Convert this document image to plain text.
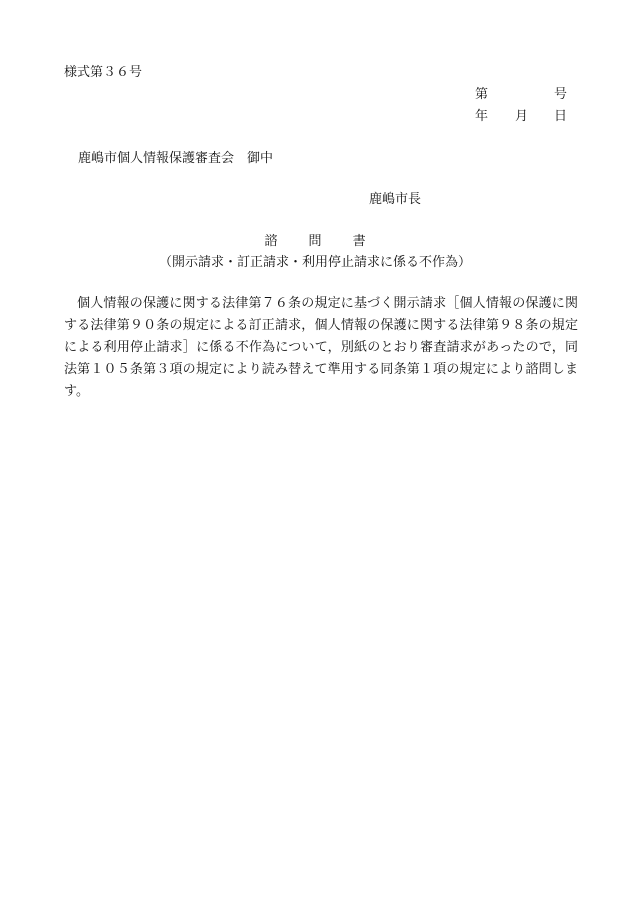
様式第３６号
第	号
年 月 日
鹿嶋市個人情報保護審査会　御中
鹿嶋市長
諮 問 書
（開示請求・訂正請求・利用停止請求に係る不作為）
個人情報の保護に関する法律第７６条の規定に基づく開示請求［個人情報の保護に関する法律第９０条の規定による訂正請求，個人情報の保護に関する法律第９８条の規定による利用停止請求］に係る不作為について，別紙のとおり審査請求があったので，同法第１０５条第３項の規定により読み替えて準用する同条第１項の規定により諮問します。
